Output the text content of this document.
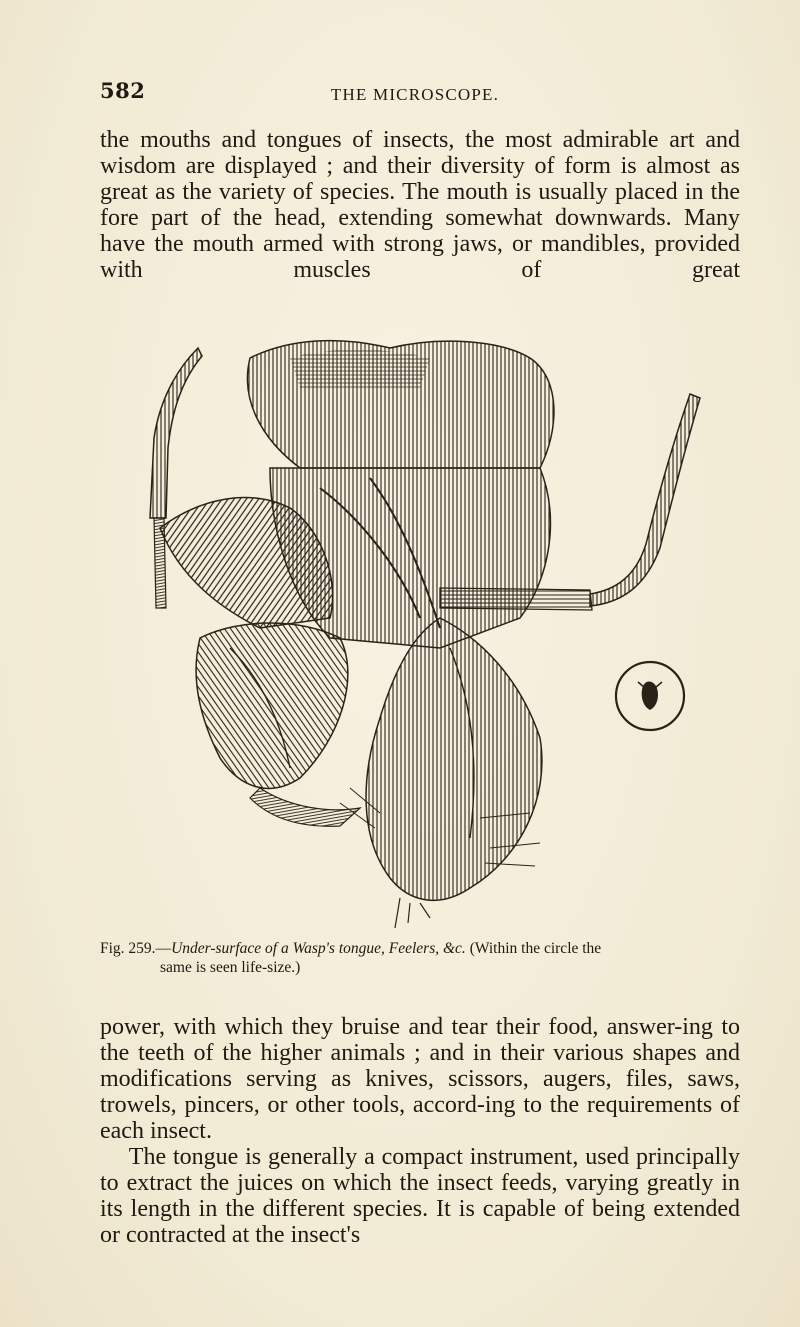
582	THE MICROSCOPE.

the mouths and tongues of insects, the most admirable art and wisdom are displayed ; and their diversity of form is almost as great as the variety of species. The mouth is usually placed in the fore part of the head, extending somewhat downwards. Many have the mouth armed with strong jaws, or mandibles, provided with muscles of great

Fig. 259.—Under-surface of a Wasp's tongue, Feelers, &c. (Within the circle the
same is seen life-size.)

power, with which they bruise and tear their food, answer-ing to the teeth of the higher animals ; and in their various shapes and modifications serving as knives, scissors, augers, files, saws, trowels, pincers, or other tools, accord-ing to the requirements of each insect.

The tongue is generally a compact instrument, used principally to extract the juices on which the insect feeds, varying greatly in its length in the different species. It is capable of being extended or contracted at the insect's
